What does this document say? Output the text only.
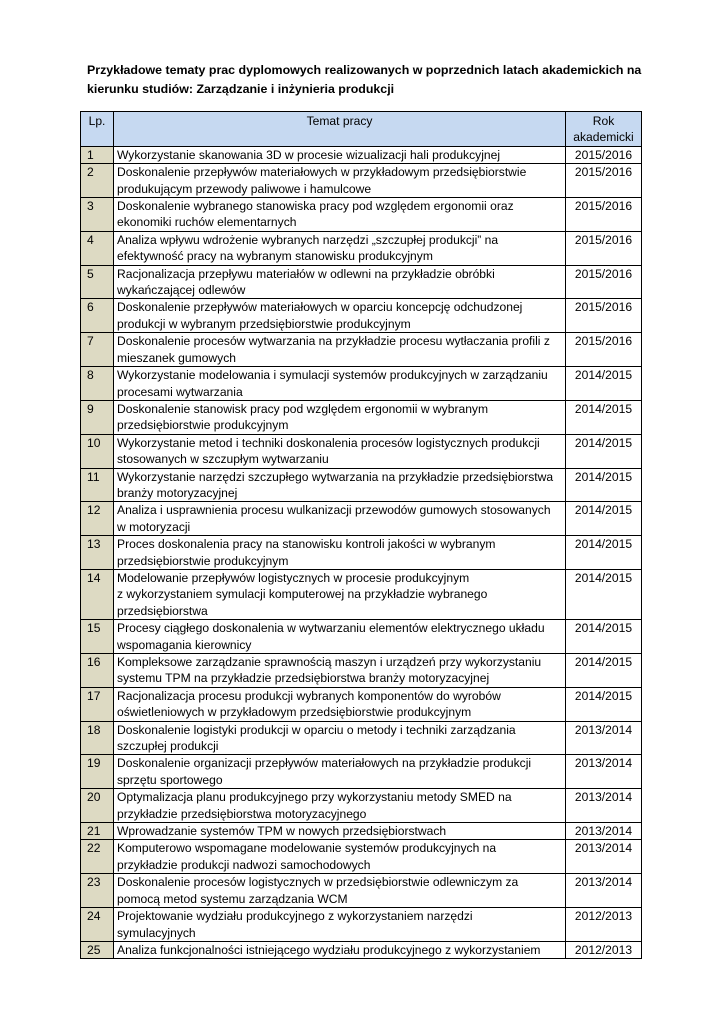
Przykładowe tematy prac dyplomowych realizowanych w poprzednich latach akademickich na kierunku studiów: Zarządzanie i inżynieria produkcji
Lp.	Temat pracy	Rok
akademicki
1	Wykorzystanie skanowania 3D w procesie wizualizacji hali produkcyjnej	2015/2016
2	Doskonalenie przepływów materiałowych w przykładowym przedsiębiorstwie
produkującym przewody paliwowe i hamulcowe	2015/2016
3	Doskonalenie wybranego stanowiska pracy pod względem ergonomii oraz
ekonomiki ruchów elementarnych	2015/2016
4	Analiza wpływu wdrożenie wybranych narzędzi „szczupłej produkcji” na
efektywność pracy na wybranym stanowisku produkcyjnym	2015/2016
5	Racjonalizacja przepływu materiałów w odlewni na przykładzie obróbki
wykańczającej odlewów	2015/2016
6	Doskonalenie przepływów materiałowych w oparciu koncepcję odchudzonej
produkcji w wybranym przedsiębiorstwie produkcyjnym	2015/2016
7	Doskonalenie procesów wytwarzania na przykładzie procesu wytłaczania profili z
mieszanek gumowych	2015/2016
8	Wykorzystanie modelowania i symulacji systemów produkcyjnych w zarządzaniu
procesami wytwarzania	2014/2015
9	Doskonalenie stanowisk pracy pod względem ergonomii w wybranym
przedsiębiorstwie produkcyjnym	2014/2015
10	Wykorzystanie metod i techniki doskonalenia procesów logistycznych produkcji
stosowanych w szczupłym wytwarzaniu	2014/2015
11	Wykorzystanie narzędzi szczupłego wytwarzania na przykładzie przedsiębiorstwa
branży motoryzacyjnej	2014/2015
12	Analiza i usprawnienia procesu wulkanizacji przewodów gumowych stosowanych
w motoryzacji	2014/2015
13	Proces doskonalenia pracy na stanowisku kontroli jakości w wybranym
przedsiębiorstwie produkcyjnym	2014/2015
14	Modelowanie przepływów logistycznych w procesie produkcyjnym
z wykorzystaniem symulacji komputerowej na przykładzie wybranego
przedsiębiorstwa	2014/2015
15	Procesy ciągłego doskonalenia w wytwarzaniu elementów elektrycznego układu
wspomagania kierownicy	2014/2015
16	Kompleksowe zarządzanie sprawnością maszyn i urządzeń przy wykorzystaniu
systemu TPM na przykładzie przedsiębiorstwa branży motoryzacyjnej	2014/2015
17	Racjonalizacja procesu produkcji wybranych komponentów do wyrobów
oświetleniowych w przykładowym przedsiębiorstwie produkcyjnym	2014/2015
18	Doskonalenie logistyki produkcji w oparciu o metody i techniki zarządzania
szczupłej produkcji	2013/2014
19	Doskonalenie organizacji przepływów materiałowych na przykładzie produkcji
sprzętu sportowego	2013/2014
20	Optymalizacja planu produkcyjnego przy wykorzystaniu metody SMED na
przykładzie przedsiębiorstwa motoryzacyjnego	2013/2014
21	Wprowadzanie systemów TPM w nowych przedsiębiorstwach	2013/2014
22	Komputerowo wspomagane modelowanie systemów produkcyjnych na
przykładzie produkcji nadwozi samochodowych	2013/2014
23	Doskonalenie procesów logistycznych w przedsiębiorstwie odlewniczym za
pomocą metod systemu zarządzania WCM	2013/2014
24	Projektowanie wydziału produkcyjnego z wykorzystaniem narzędzi
symulacyjnych	2012/2013
25	Analiza funkcjonalności istniejącego wydziału produkcyjnego z wykorzystaniem	2012/2013
